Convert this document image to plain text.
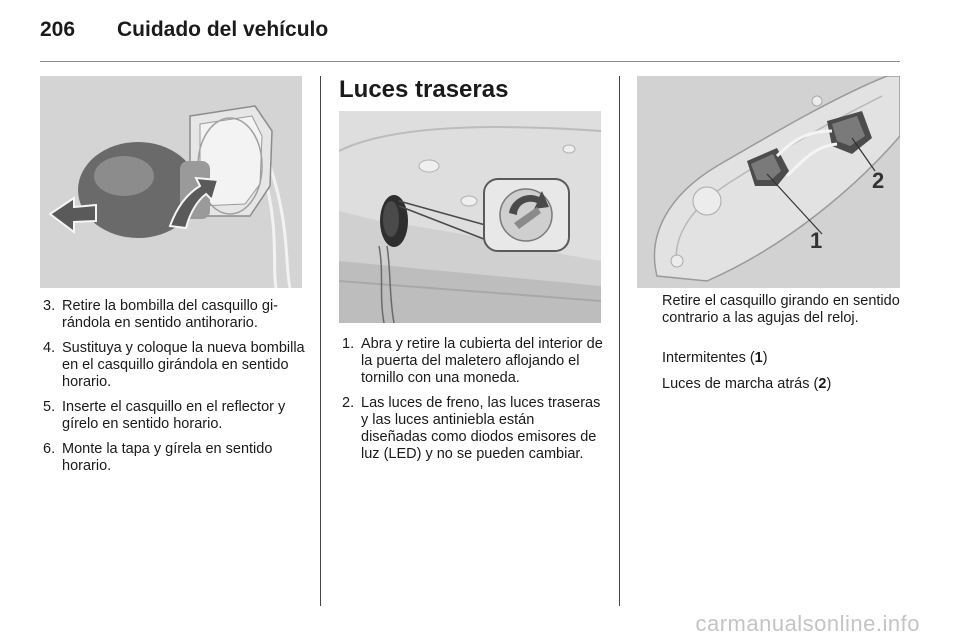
206 Cuidado del vehículo
3. Retire la bombilla del casquillo girándola en sentido antihorario.
4. Sustituya y coloque la nueva bombilla en el casquillo girándola en sentido horario.
5. Inserte el casquillo en el reflector y gírelo en sentido horario.
6. Monte la tapa y gírela en sentido horario.
Luces traseras
1. Abra y retire la cubierta del interior de la puerta del maletero aflojando el tornillo con una moneda.
2. Las luces de freno, las luces traseras y las luces antiniebla están diseñadas como diodos emisores de luz (LED) y no se pueden cambiar.
1
2

Retire el casquillo girando en sentido contrario a las agujas del reloj.

Intermitentes (1)

Luces de marcha atrás (2)

carmanualsonline.info
